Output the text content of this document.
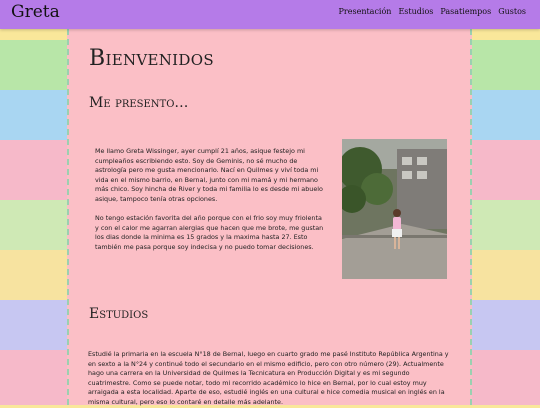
Greta	Presentación Estudios Pasatiempos Gustos
Bienvenidos
Me presento…

Me llamo Greta Wissinger, ayer cumplí 21 años, asique festejo mi cumpleaños escribiendo esto. Soy de Geminis, no sé mucho de astrología pero me gusta mencionarlo. Nací en Quilmes y viví toda mi vida en el mismo barrio, en Bernal, junto con mi mamá y mi hermano más chico. Soy hincha de River y toda mi familia lo es desde mi abuelo asique, tampoco tenía otras opciones.

No tengo estación favorita del año porque con el frio soy muy friolenta y con el calor me agarran alergias que hacen que me brote, me gustan los dias donde la minima es 15 grados y la maxima hasta 27. Esto también me pasa porque soy indecisa y no puedo tomar decisiones.

Estudios

Estudié la primaria en la escuela N°18 de Bernal, luego en cuarto grado me pasé Instituto República Argentina y en sexto a la N°24 y continué todo el secundario en el mismo edificio, pero con otro número (29). Actualmente hago una carrera en la Universidad de Quilmes la Tecnicatura en Producción Digital y es mi segundo cuatrimestre. Como se puede notar, todo mi recorrido académico lo hice en Bernal, por lo cual estoy muy arraigada a esta localidad. Aparte de eso, estudié inglés en una cultural e hice comedia musical en inglés en la misma cultural, pero eso lo contaré en detalle más adelante.
